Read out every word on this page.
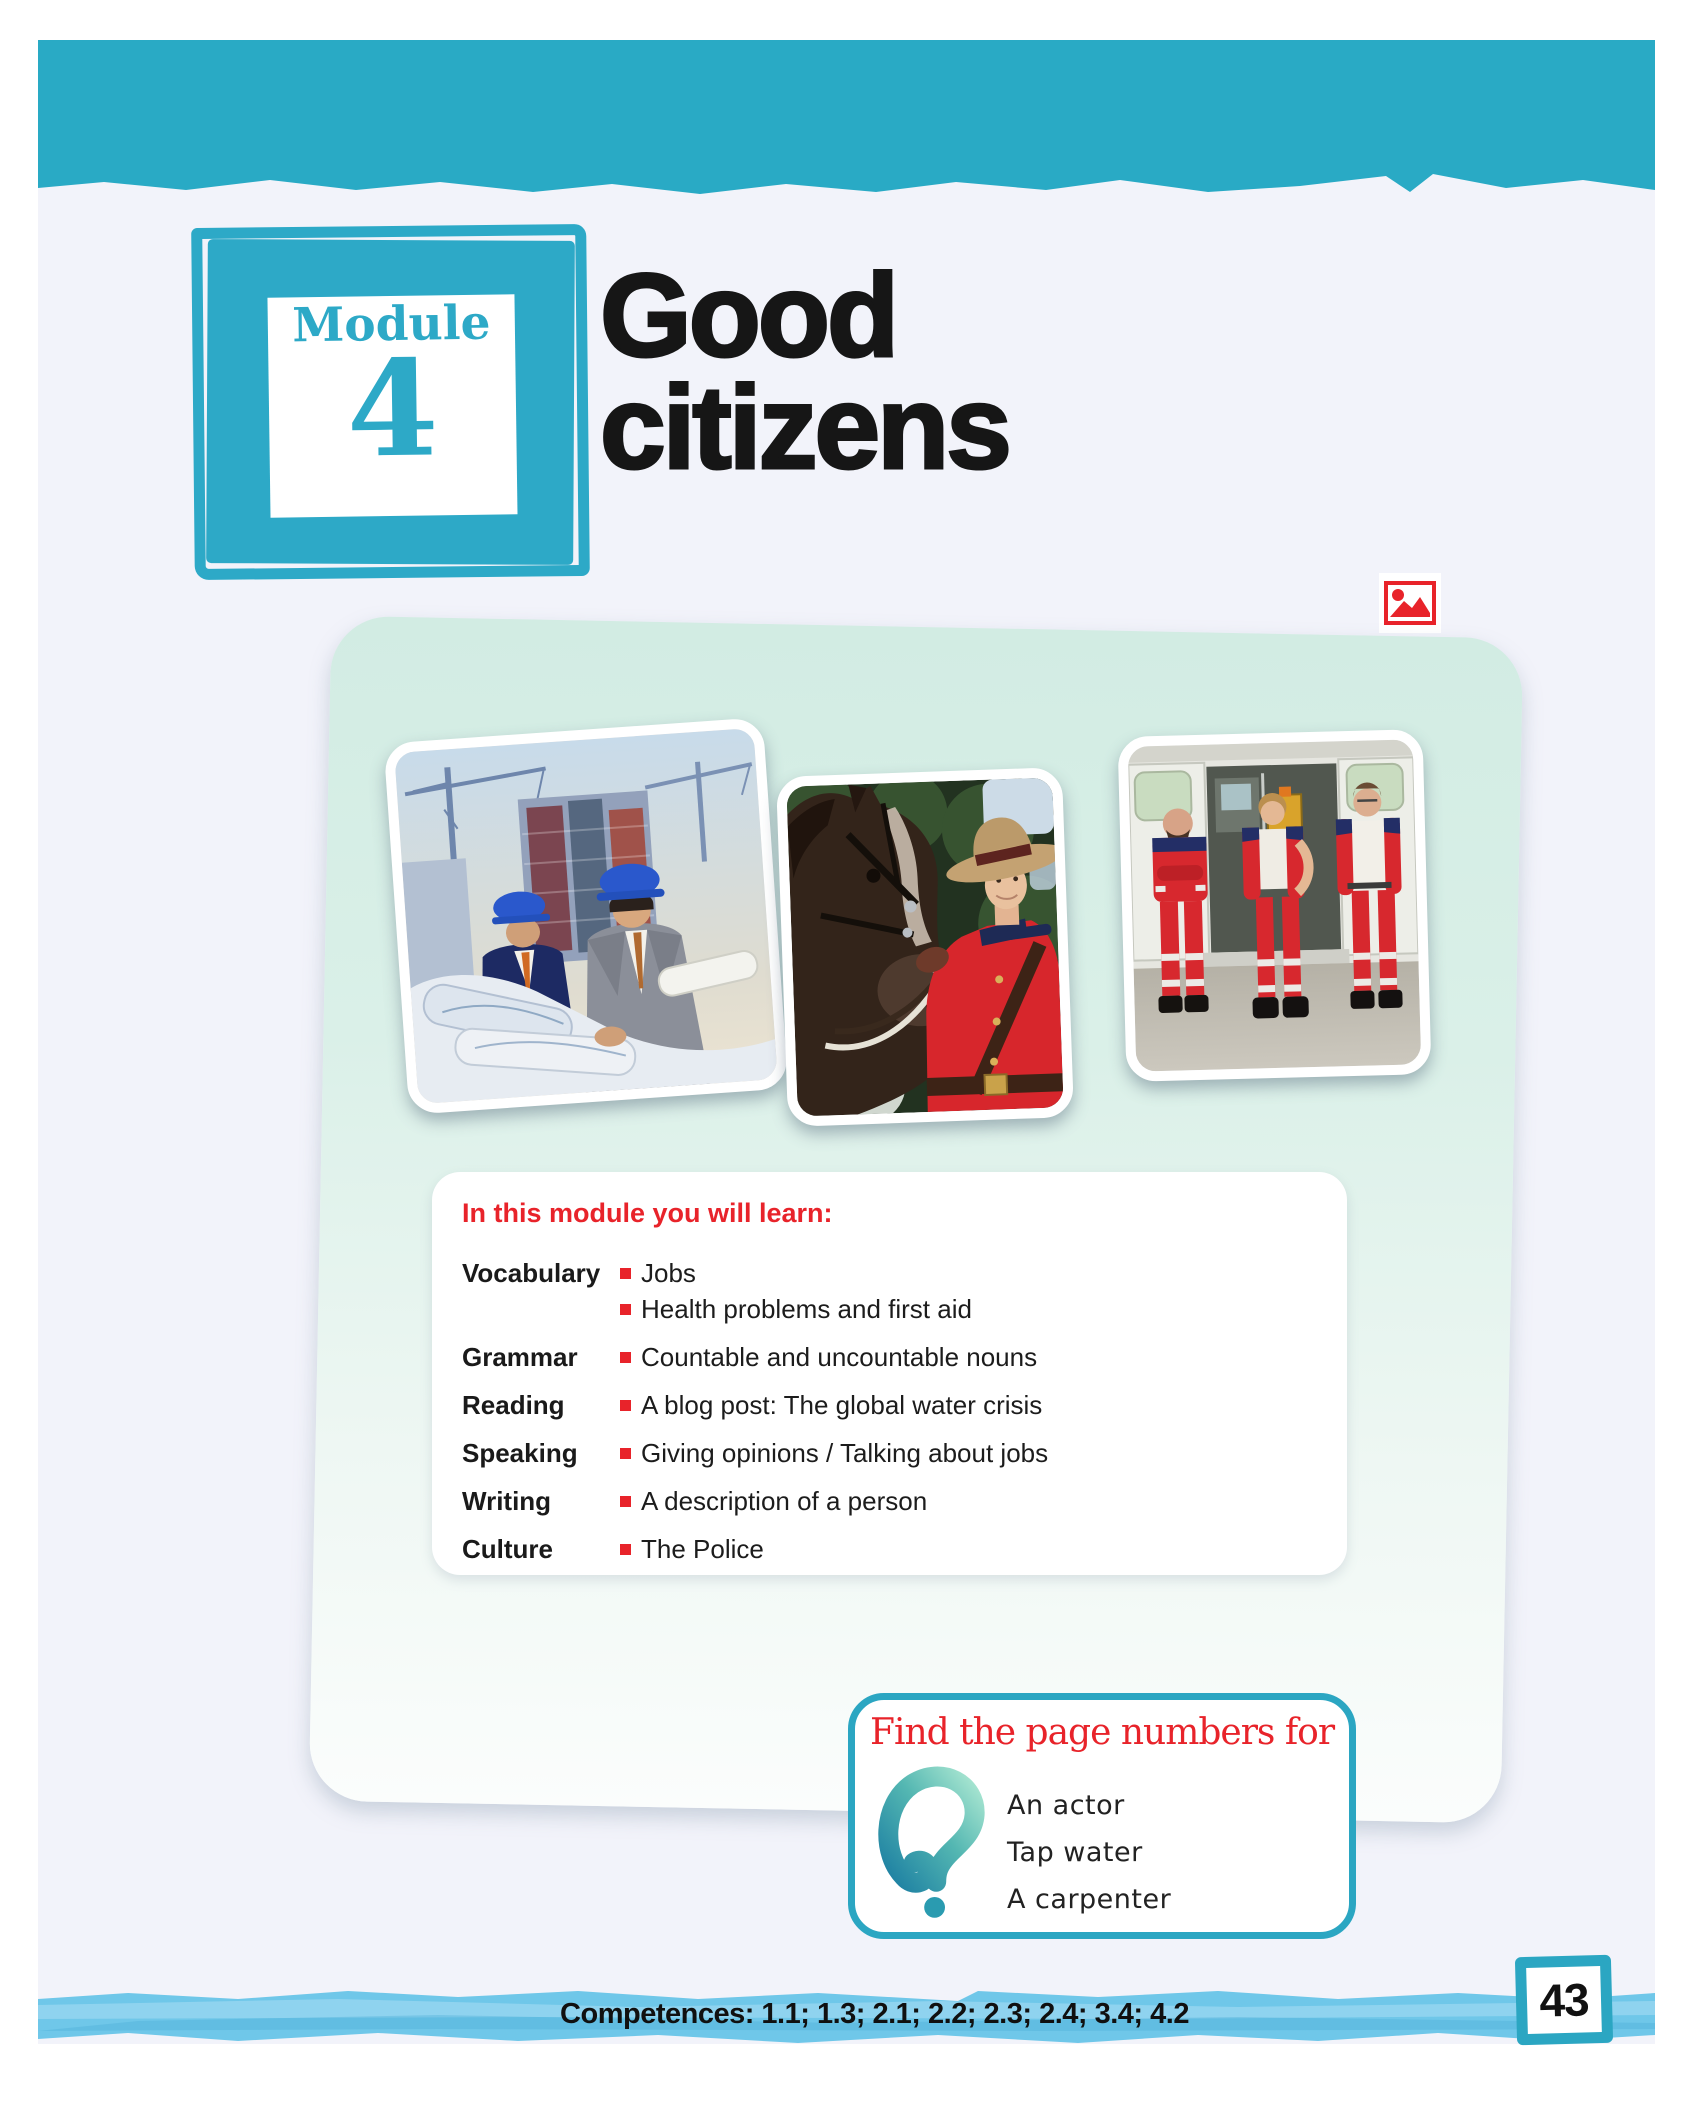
Module
4
Good
citizens
In this module you will learn:
Vocabulary	Jobs
Health problems and first aid
Grammar	Countable and uncountable nouns
Reading	A blog post: The global water crisis
Speaking	Giving opinions / Talking about jobs
Writing	A description of a person
Culture	The Police
Find the page numbers for
An actor
Tap water
A carpenter
Competences: 1.1; 1.3; 2.1; 2.2; 2.3; 2.4; 3.4; 4.2	43
